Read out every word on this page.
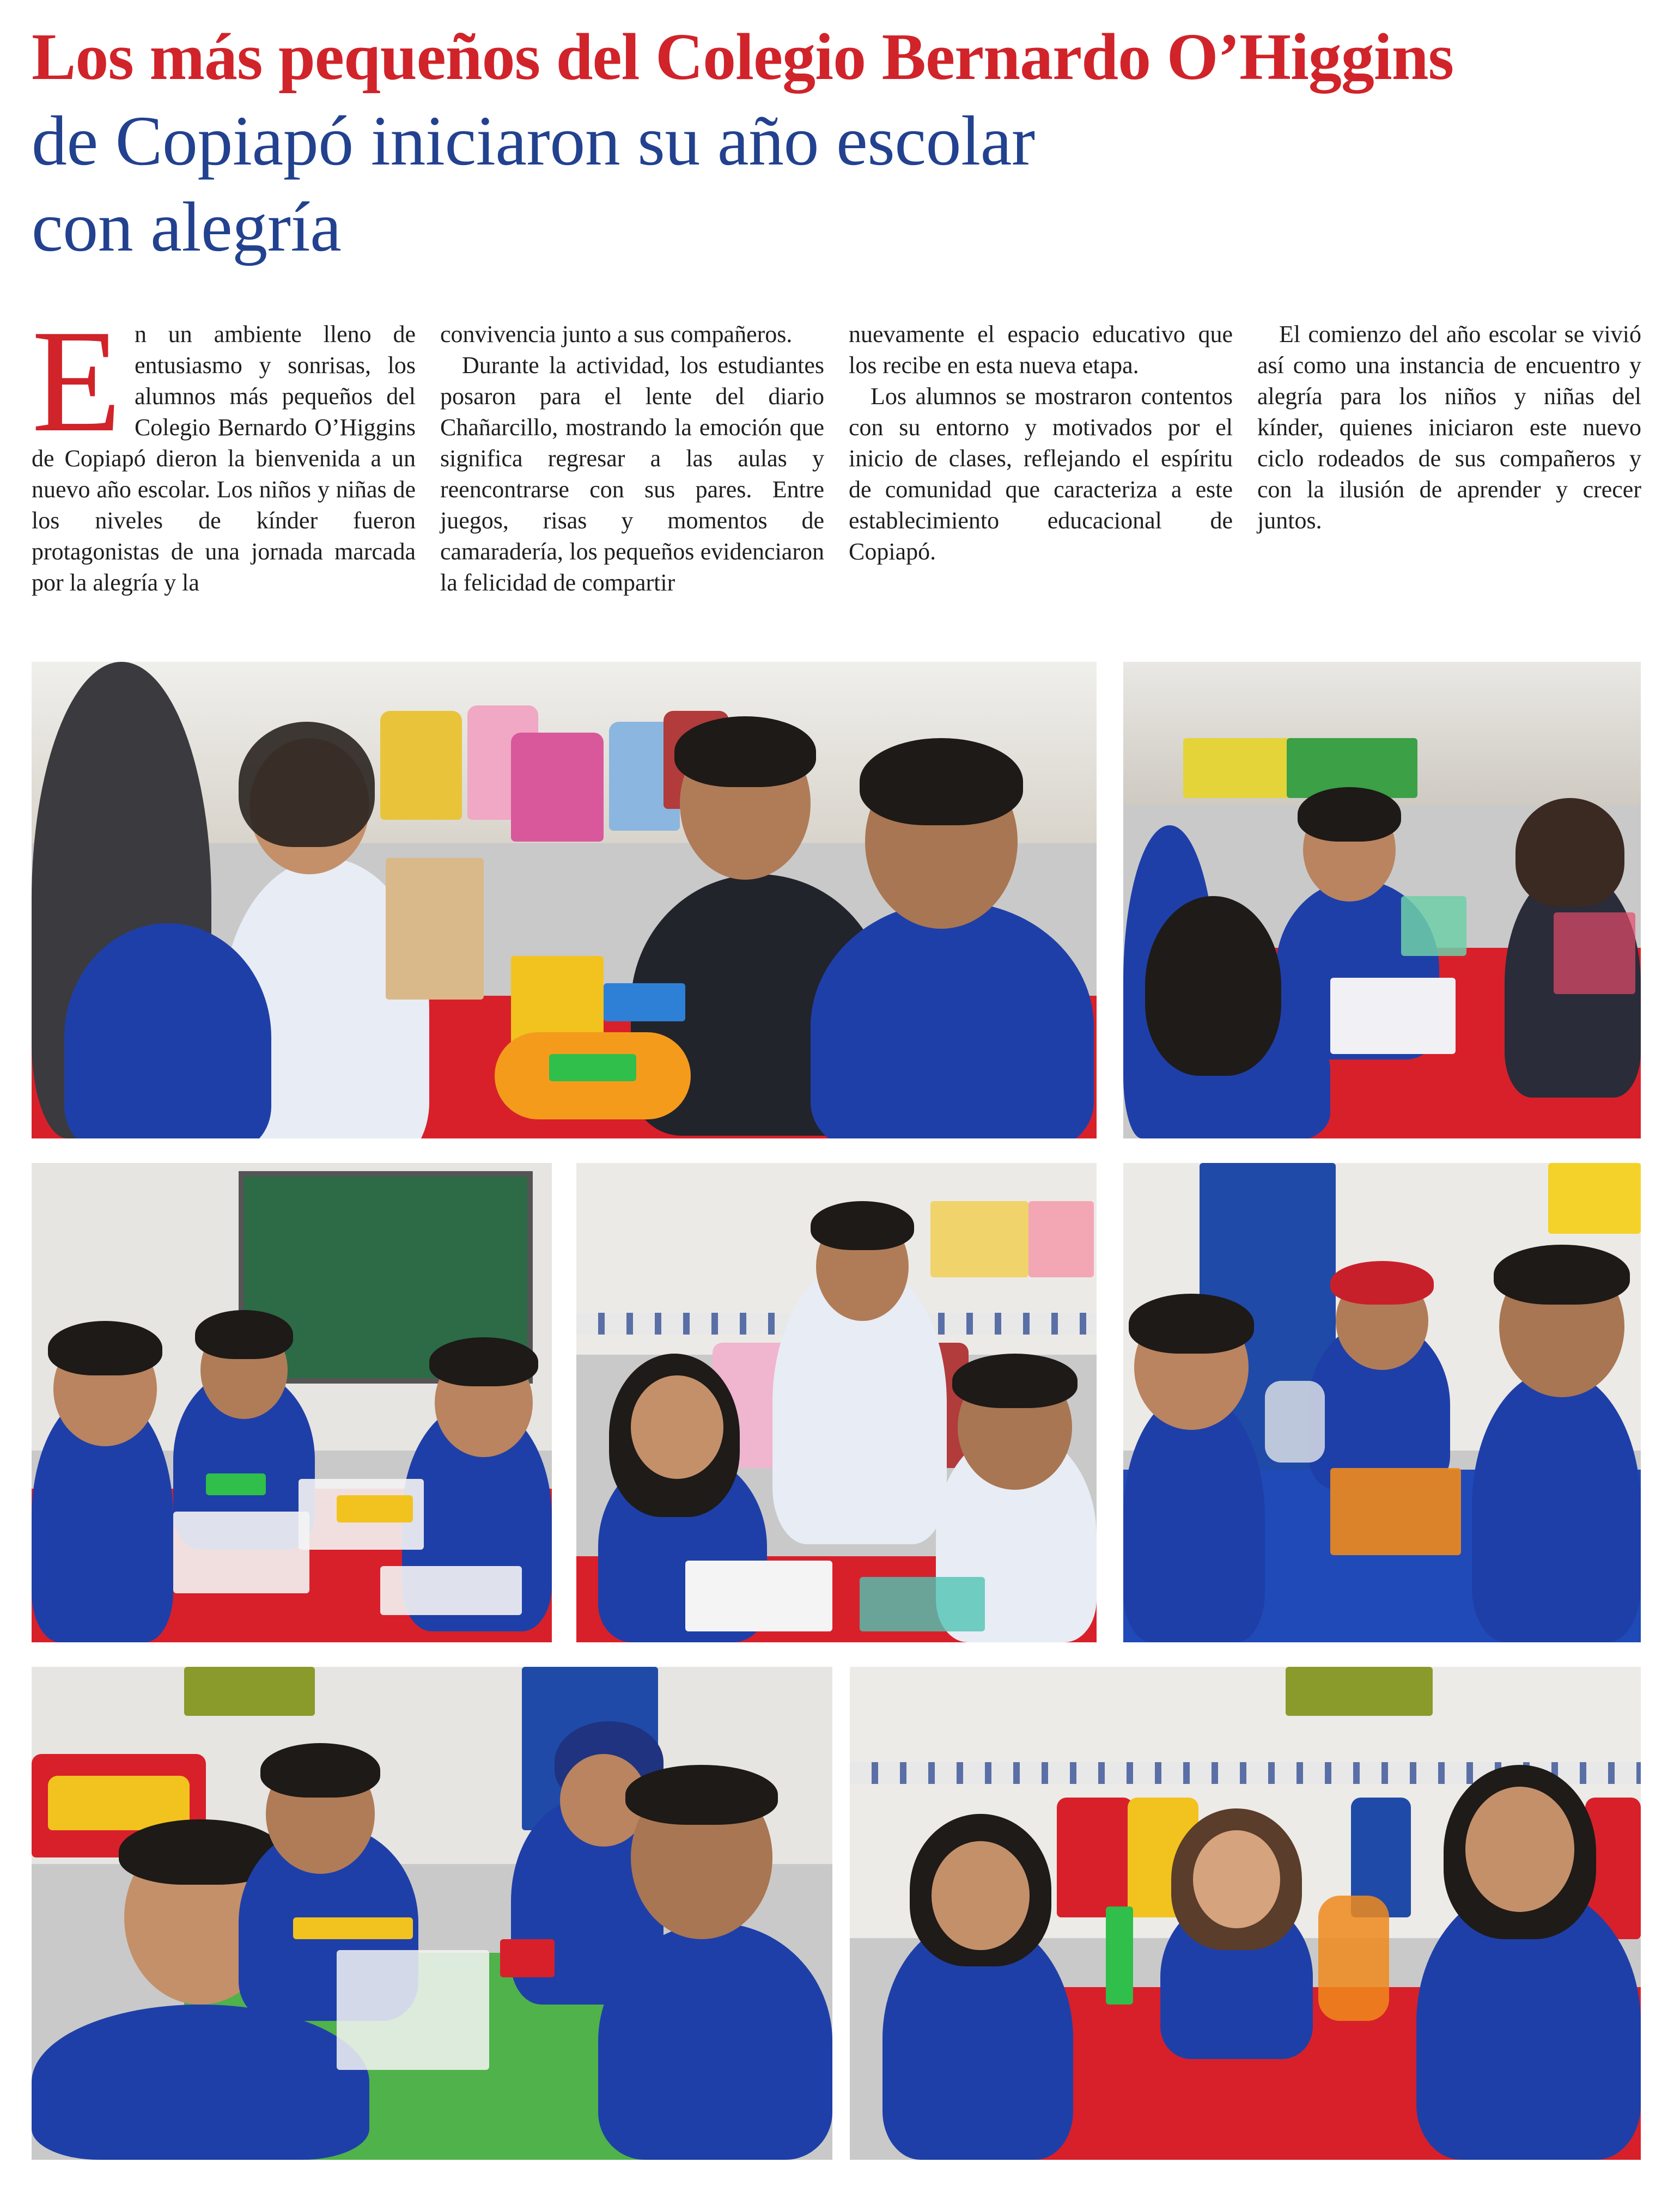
Los más pequeños del Colegio Bernardo O’Higgins
de Copiapó iniciaron su año escolar
con alegría
E n un ambiente lleno de entusiasmo y sonrisas, los alumnos más pequeños del Colegio Bernardo O’Higgins de Copiapó dieron la bienvenida a un nuevo año escolar. Los niños y niñas de los niveles de kínder fueron protagonistas de una jornada marcada por la alegría y la

convivencia junto a sus compañeros.

Durante la actividad, los estudiantes posaron para el lente del diario Chañarcillo, mostrando la emoción que significa regresar a las aulas y reencontrarse con sus pares. Entre juegos, risas y momentos de camaradería, los pequeños evidenciaron la felicidad de compartir

nuevamente el espacio educativo que los recibe en esta nueva etapa.

Los alumnos se mostraron contentos con su entorno y motivados por el inicio de clases, reflejando el espíritu de comunidad que caracteriza a este establecimiento educacional de Copiapó.

El comienzo del año escolar se vivió así como una instancia de encuentro y alegría para los niños y niñas del kínder, quienes iniciaron este nuevo ciclo rodeados de sus compañeros y con la ilusión de aprender y crecer juntos.
